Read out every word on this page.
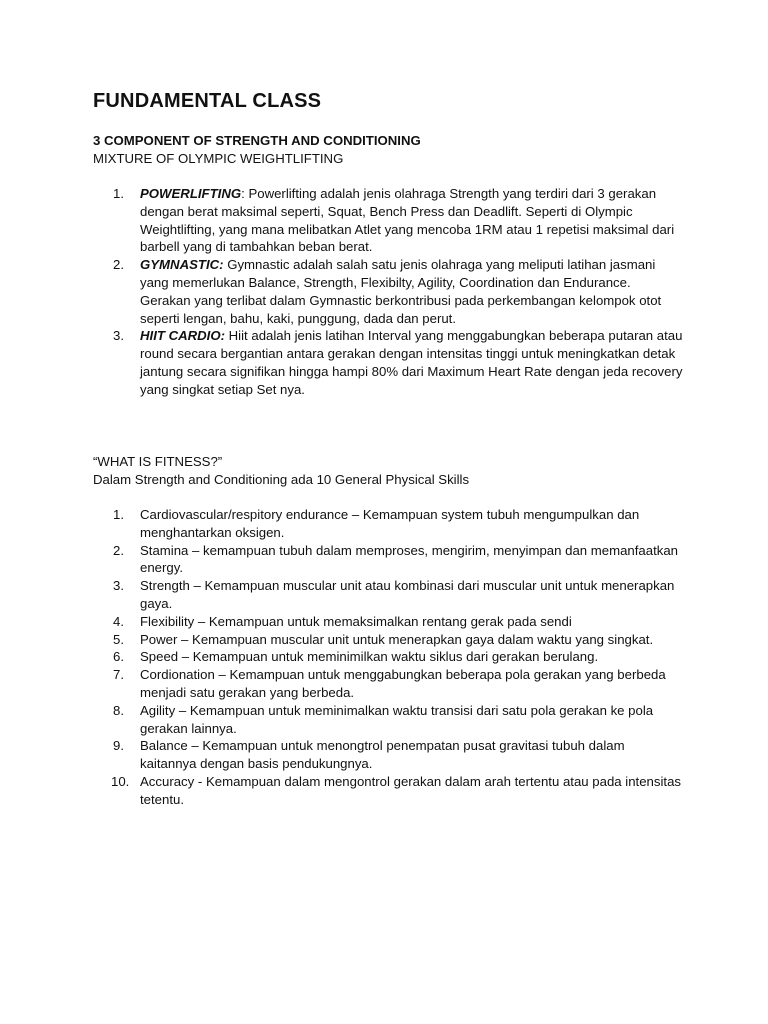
FUNDAMENTAL CLASS
3 COMPONENT OF STRENGTH AND CONDITIONING
MIXTURE OF OLYMPIC WEIGHTLIFTING
1.	POWERLIFTING: Powerlifting adalah jenis olahraga Strength yang terdiri dari 3 gerakan dengan berat maksimal seperti, Squat, Bench Press dan Deadlift. Seperti di Olympic Weightlifting, yang mana melibatkan Atlet yang mencoba 1RM atau 1 repetisi maksimal dari barbell yang di tambahkan beban berat.
2.	GYMNASTIC: Gymnastic adalah salah satu jenis olahraga yang meliputi latihan jasmani yang memerlukan Balance, Strength, Flexibilty, Agility, Coordination dan Endurance. Gerakan yang terlibat dalam Gymnastic berkontribusi pada perkembangan kelompok otot seperti lengan, bahu, kaki, punggung, dada dan perut.
3.	HIIT CARDIO: Hiit adalah jenis latihan Interval yang menggabungkan beberapa putaran atau round secara bergantian antara gerakan dengan intensitas tinggi untuk meningkatkan detak jantung secara signifikan hingga hampi 80% dari Maximum Heart Rate dengan jeda recovery yang singkat setiap Set nya.
“WHAT IS FITNESS?”
Dalam Strength and Conditioning ada 10 General Physical Skills
1.	Cardiovascular/respitory endurance – Kemampuan system tubuh mengumpulkan dan menghantarkan oksigen.
2.	Stamina – kemampuan tubuh dalam memproses, mengirim, menyimpan dan memanfaatkan energy.
3.	Strength – Kemampuan muscular unit atau kombinasi dari muscular unit untuk menerapkan gaya.
4.	Flexibility – Kemampuan untuk memaksimalkan rentang gerak pada sendi
5.	Power – Kemampuan muscular unit untuk menerapkan gaya dalam waktu yang singkat.
6.	Speed – Kemampuan untuk meminimilkan waktu siklus dari gerakan berulang.
7.	Cordionation – Kemampuan untuk menggabungkan beberapa pola gerakan yang berbeda menjadi satu gerakan yang berbeda.
8.	Agility – Kemampuan untuk meminimalkan waktu transisi dari satu pola gerakan ke pola gerakan lainnya.
9.	Balance – Kemampuan untuk menongtrol penempatan pusat gravitasi tubuh dalam kaitannya dengan basis pendukungnya.
10. Accuracy - Kemampuan dalam mengontrol gerakan dalam arah tertentu atau pada intensitas tetentu.
